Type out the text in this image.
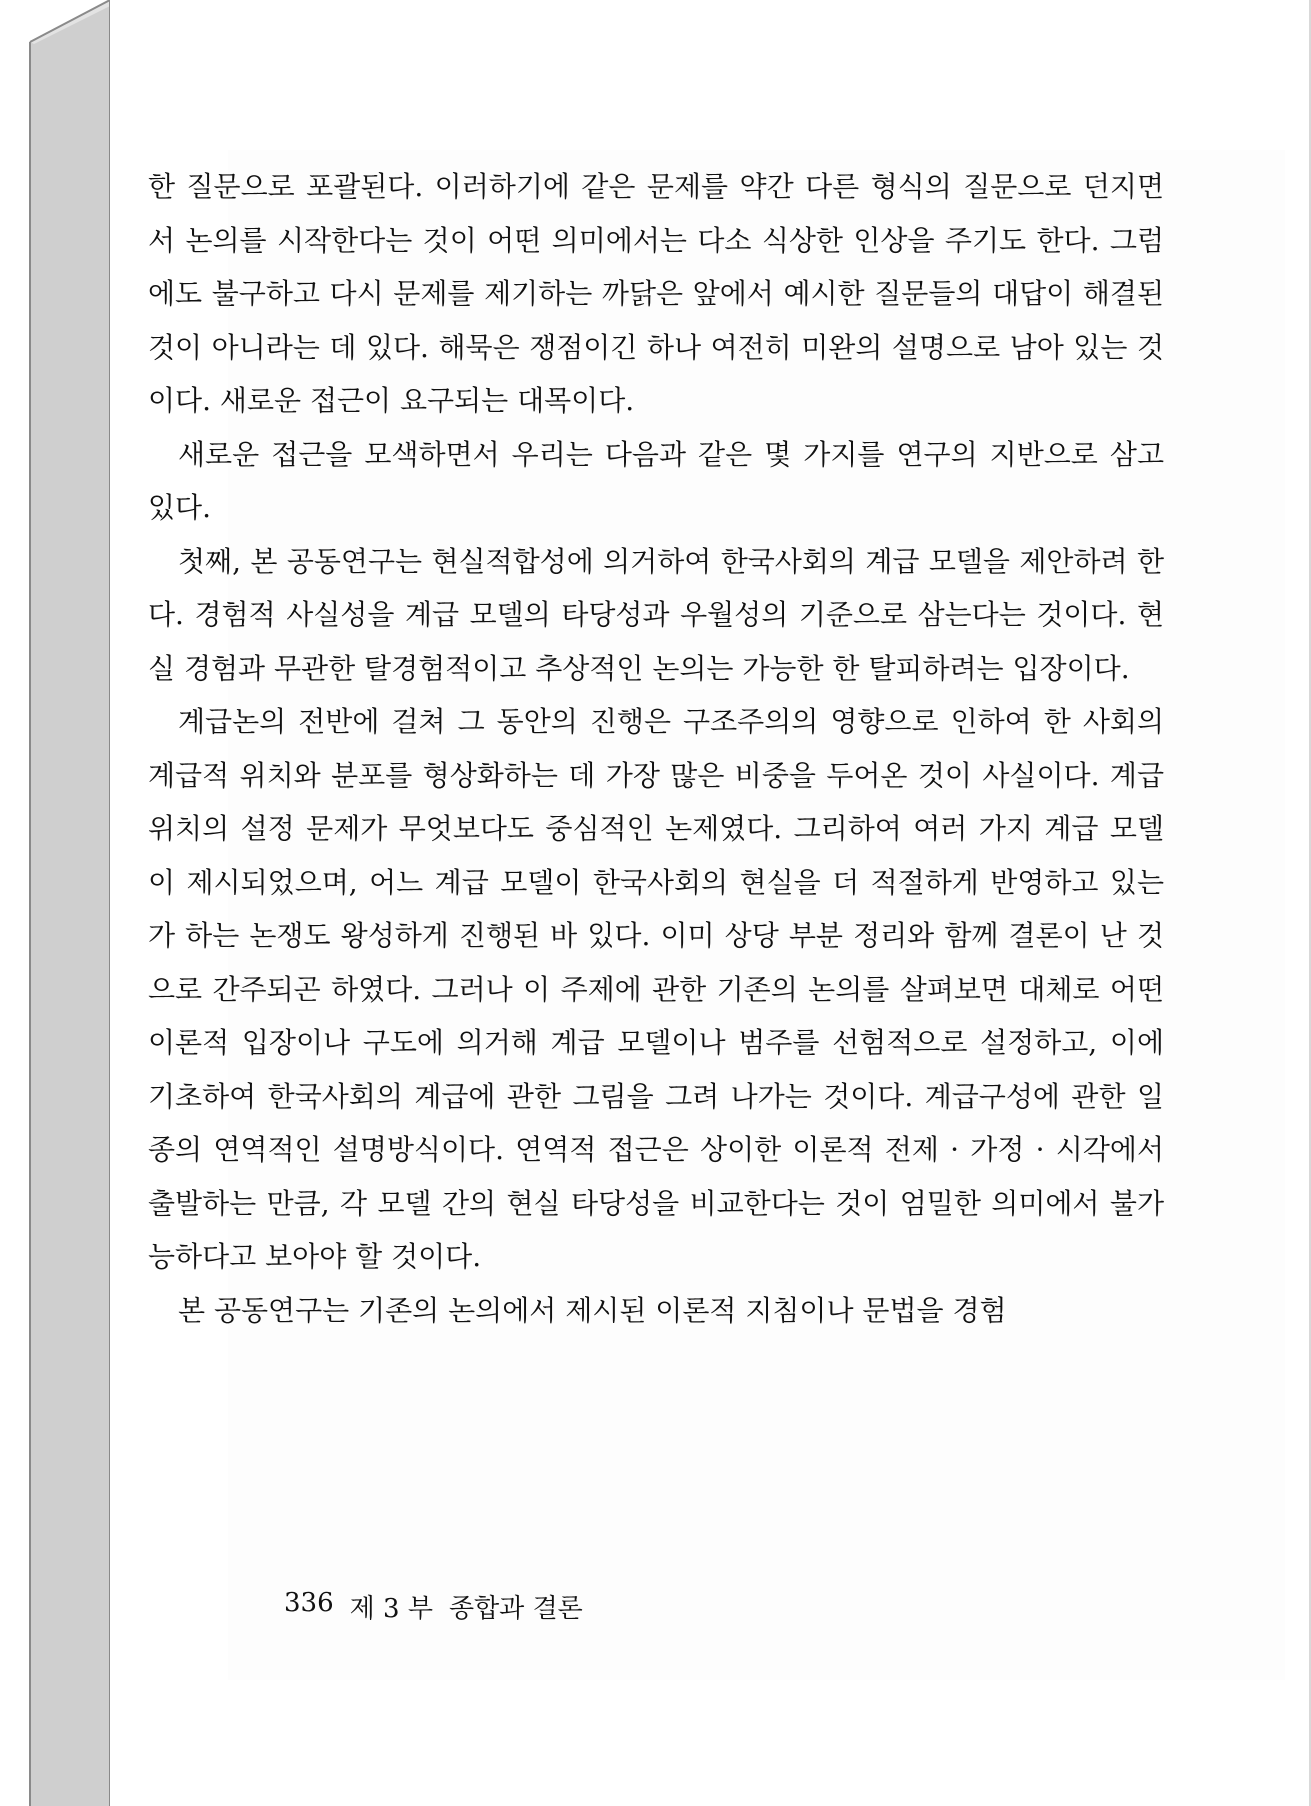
한 질문으로 포괄된다. 이러하기에 같은 문제를 약간 다른 형식의 질문으로 던지면서 논의를 시작한다는 것이 어떤 의미에서는 다소 식상한 인상을 주기도 한다. 그럼에도 불구하고 다시 문제를 제기하는 까닭은 앞에서 예시한 질문들의 대답이 해결된 것이 아니라는 데 있다. 해묵은 쟁점이긴 하나 여전히 미완의 설명으로 남아 있는 것이다. 새로운 접근이 요구되는 대목이다.

새로운 접근을 모색하면서 우리는 다음과 같은 몇 가지를 연구의 지반으로 삼고 있다.

첫째, 본 공동연구는 현실적합성에 의거하여 한국사회의 계급 모델을 제안하려 한다. 경험적 사실성을 계급 모델의 타당성과 우월성의 기준으로 삼는다는 것이다. 현실 경험과 무관한 탈경험적이고 추상적인 논의는 가능한 한 탈피하려는 입장이다.

계급논의 전반에 걸쳐 그 동안의 진행은 구조주의의 영향으로 인하여 한 사회의 계급적 위치와 분포를 형상화하는 데 가장 많은 비중을 두어온 것이 사실이다. 계급위치의 설정 문제가 무엇보다도 중심적인 논제였다. 그리하여 여러 가지 계급 모델이 제시되었으며, 어느 계급 모델이 한국사회의 현실을 더 적절하게 반영하고 있는가 하는 논쟁도 왕성하게 진행된 바 있다. 이미 상당 부분 정리와 함께 결론이 난 것으로 간주되곤 하였다. 그러나 이 주제에 관한 기존의 논의를 살펴보면 대체로 어떤 이론적 입장이나 구도에 의거해 계급 모델이나 범주를 선험적으로 설정하고, 이에 기초하여 한국사회의 계급에 관한 그림을 그려 나가는 것이다. 계급구성에 관한 일종의 연역적인 설명방식이다. 연역적 접근은 상이한 이론적 전제 · 가정 · 시각에서 출발하는 만큼, 각 모델 간의 현실 타당성을 비교한다는 것이 엄밀한 의미에서 불가능하다고 보아야 할 것이다.

본 공동연구는 기존의 논의에서 제시된 이론적 지침이나 문법을 경험

336 제 3 부 종합과 결론
